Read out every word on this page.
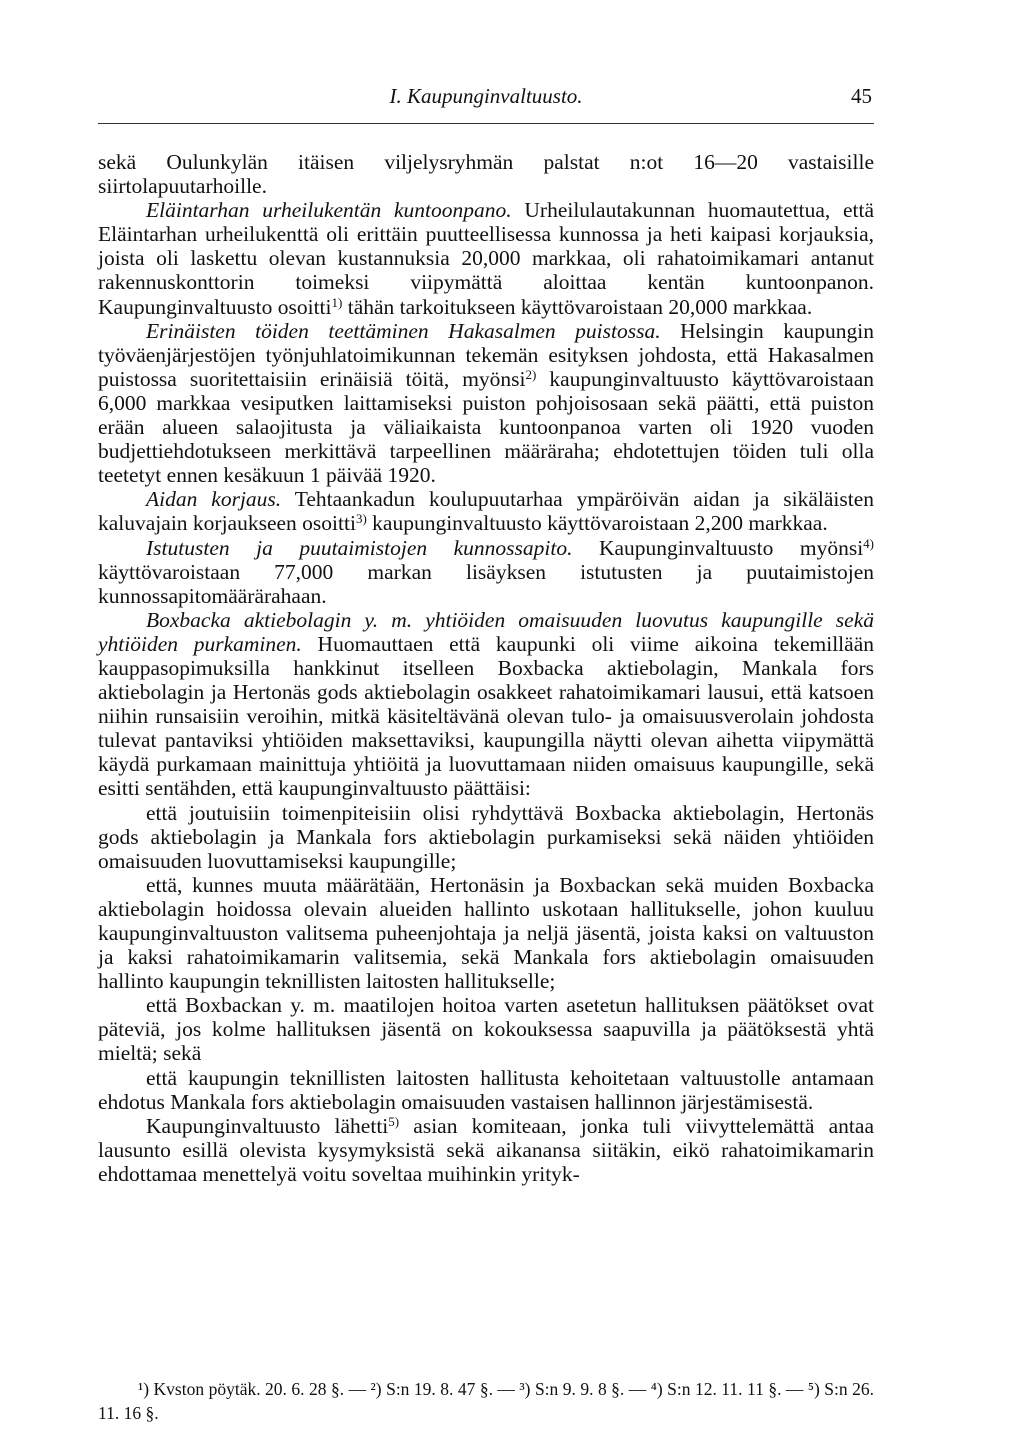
I. Kaupunginvaltuusto.	45

sekä Oulunkylän itäisen viljelysryhmän palstat n:ot 16—20 vastaisille siirtolapuutarhoille.

Eläintarhan urheilukentän kuntoonpano. Urheilulautakunnan huomautettua, että Eläintarhan urheilukenttä oli erittäin puutteellisessa kunnossa ja heti kaipasi korjauksia, joista oli laskettu olevan kustannuksia 20,000 markkaa, oli rahatoimikamari antanut rakennuskonttorin toimeksi viipymättä aloittaa kentän kuntoonpanon. Kaupunginvaltuusto osoitti$^{1)}$ tähän tarkoitukseen käyttövaroistaan 20,000 markkaa.

Erinäisten töiden teettäminen Hakasalmen puistossa. Helsingin kaupungin työväenjärjestöjen työnjuhlatoimikunnan tekemän esityksen johdosta, että Hakasalmen puistossa suoritettaisiin erinäisiä töitä, myönsi$^{2)}$ kaupunginvaltuusto käyttövaroistaan 6,000 markkaa vesiputken laittamiseksi puiston pohjoisosaan sekä päätti, että puiston erään alueen salaojitusta ja väliaikaista kuntoonpanoa varten oli 1920 vuoden budjettiehdotukseen merkittävä tarpeellinen määräraha; ehdotettujen töiden tuli olla teetetyt ennen kesäkuun 1 päivää 1920.

Aidan korjaus. Tehtaankadun koulupuutarhaa ympäröivän aidan ja sikäläisten kaluvajain korjaukseen osoitti$^{3)}$ kaupunginvaltuusto käyttövaroistaan 2,200 markkaa.

Istutusten ja puutaimistojen kunnossapito. Kaupunginvaltuusto myönsi$^{4)}$ käyttövaroistaan 77,000 markan lisäyksen istutusten ja puutaimistojen kunnossapitomäärärahaan.

Boxbacka aktiebolagin y. m. yhtiöiden omaisuuden luovutus kaupungille sekä yhtiöiden purkaminen. Huomauttaen että kaupunki oli viime aikoina tekemillään kauppasopimuksilla hankkinut itselleen Boxbacka aktiebolagin, Mankala fors aktiebolagin ja Hertonäs gods aktiebolagin osakkeet rahatoimikamari lausui, että katsoen niihin runsaisiin veroihin, mitkä käsiteltävänä olevan tulo- ja omaisuusverolain johdosta tulevat pantaviksi yhtiöiden maksettaviksi, kaupungilla näytti olevan aihetta viipymättä käydä purkamaan mainittuja yhtiöitä ja luovuttamaan niiden omaisuus kaupungille, sekä esitti sentähden, että kaupunginvaltuusto päättäisi:

että joutuisiin toimenpiteisiin olisi ryhdyttävä Boxbacka aktiebolagin, Hertonäs gods aktiebolagin ja Mankala fors aktiebolagin purkamiseksi sekä näiden yhtiöiden omaisuuden luovuttamiseksi kaupungille;

että, kunnes muuta määrätään, Hertonäsin ja Boxbackan sekä muiden Boxbacka aktiebolagin hoidossa olevain alueiden hallinto uskotaan hallitukselle, johon kuuluu kaupunginvaltuuston valitsema puheenjohtaja ja neljä jäsentä, joista kaksi on valtuuston ja kaksi rahatoimikamarin valitsemia, sekä Mankala fors aktiebolagin omaisuuden hallinto kaupungin teknillisten laitosten hallitukselle;

että Boxbackan y. m. maatilojen hoitoa varten asetetun hallituksen päätökset ovat päteviä, jos kolme hallituksen jäsentä on kokouksessa saapuvilla ja päätöksestä yhtä mieltä; sekä

että kaupungin teknillisten laitosten hallitusta kehoitetaan valtuustolle antamaan ehdotus Mankala fors aktiebolagin omaisuuden vastaisen hallinnon järjestämisestä.

Kaupunginvaltuusto lähetti$^{5)}$ asian komiteaan, jonka tuli viivyttelemättä antaa lausunto esillä olevista kysymyksistä sekä aikanansa siitäkin, eikö rahatoimikamarin ehdottamaa menettelyä voitu soveltaa muihinkin yrityk-

¹) Kvston pöytäk. 20. 6. 28 §. — ²) S:n 19. 8. 47 §. — ³) S:n 9. 9. 8 §. — ⁴) S:n 12. 11. 11 §. — ⁵) S:n 26. 11. 16 §.
